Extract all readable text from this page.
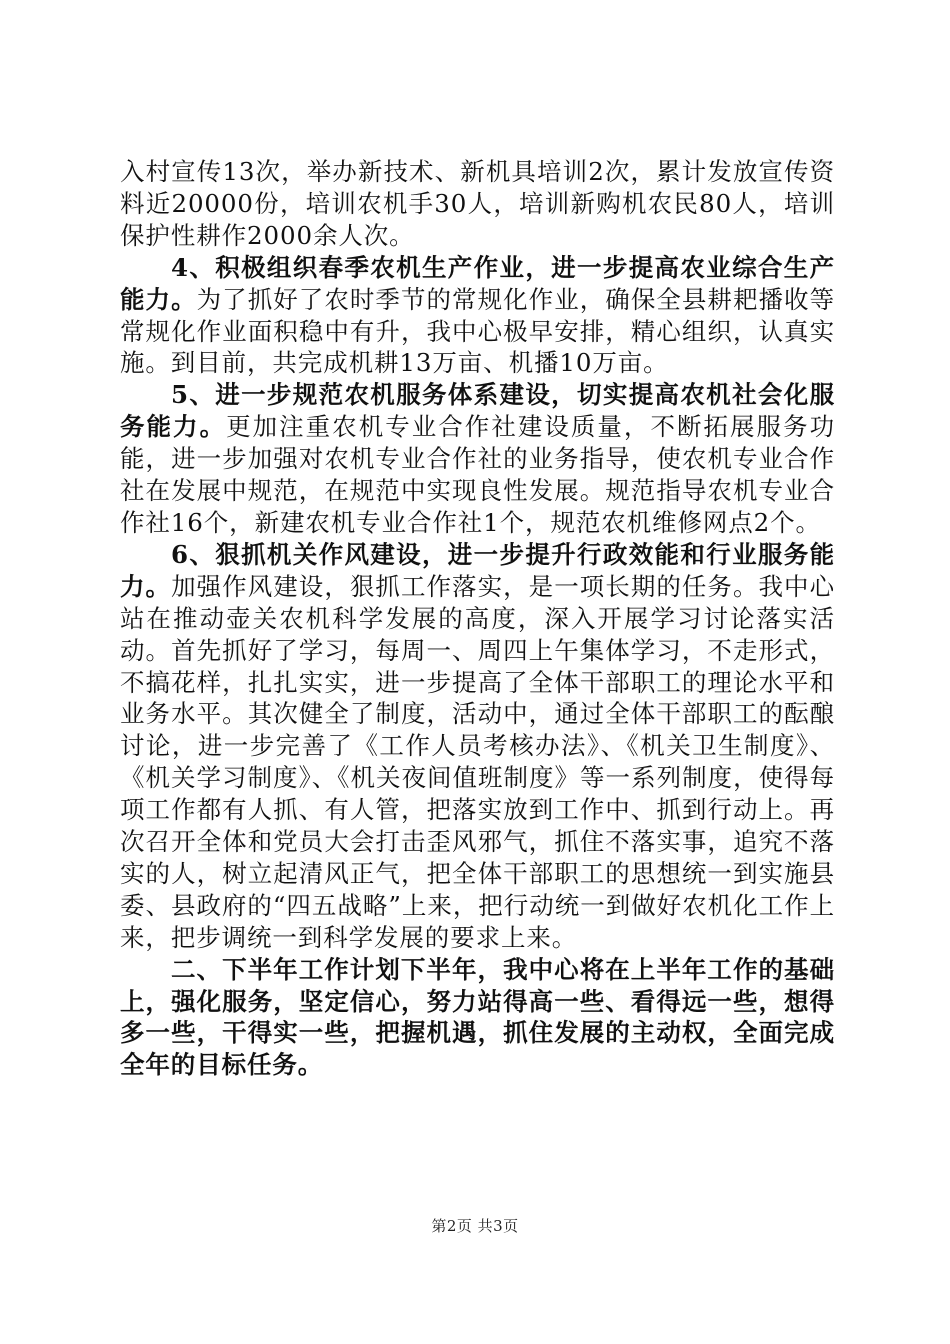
入村宣传13次，举办新技术、新机具培训2次，累计发放宣传资料近20000份，培训农机手30人，培训新购机农民80人，培训保护性耕作2000余人次。

4、积极组织春季农机生产作业，进一步提高农业综合生产能力。为了抓好了农时季节的常规化作业，确保全县耕耙播收等常规化作业面积稳中有升，我中心极早安排，精心组织，认真实施。到目前，共完成机耕13万亩、机播10万亩。

5、进一步规范农机服务体系建设，切实提高农机社会化服务能力。更加注重农机专业合作社建设质量，不断拓展服务功能，进一步加强对农机专业合作社的业务指导，使农机专业合作社在发展中规范，在规范中实现良性发展。规范指导农机专业合作社16个，新建农机专业合作社1个，规范农机维修网点2个。

6、狠抓机关作风建设，进一步提升行政效能和行业服务能力。加强作风建设，狠抓工作落实，是一项长期的任务。我中心站在推动壶关农机科学发展的高度，深入开展学习讨论落实活动。首先抓好了学习，每周一、周四上午集体学习，不走形式，不搞花样，扎扎实实，进一步提高了全体干部职工的理论水平和业务水平。其次健全了制度，活动中，通过全体干部职工的酝酿讨论，进一步完善了《工作人员考核办法》、《机关卫生制度》、《机关学习制度》、《机关夜间值班制度》等一系列制度，使得每项工作都有人抓、有人管，把落实放到工作中、抓到行动上。再次召开全体和党员大会打击歪风邪气，抓住不落实事，追究不落实的人，树立起清风正气，把全体干部职工的思想统一到实施县委、县政府的“四五战略”上来，把行动统一到做好农机化工作上来，把步调统一到科学发展的要求上来。

二、下半年工作计划下半年，我中心将在上半年工作的基础上，强化服务，坚定信心，努力站得高一些、看得远一些，想得多一些，干得实一些，把握机遇，抓住发展的主动权，全面完成全年的目标任务。

第2页 共3页
